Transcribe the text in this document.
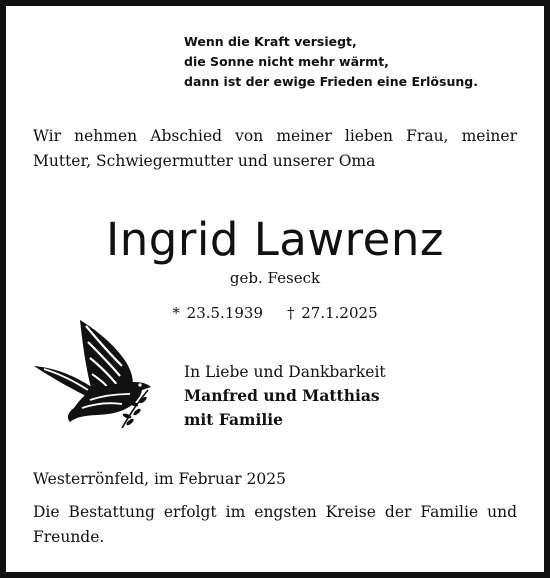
Wenn die Kraft versiegt,
die Sonne nicht mehr wärmt,
dann ist der ewige Frieden eine Erlösung.
Wir nehmen Abschied von meiner lieben Frau, meiner Mutter, Schwiegermutter und unserer Oma
Ingrid Lawrenz
geb. Feseck
* 23.5.1939 † 27.1.2025
In Liebe und Dankbarkeit
Manfred und Matthias
mit Familie
Westerrönfeld, im Februar 2025
Die Bestattung erfolgt im engsten Kreise der Familie und Freunde.
